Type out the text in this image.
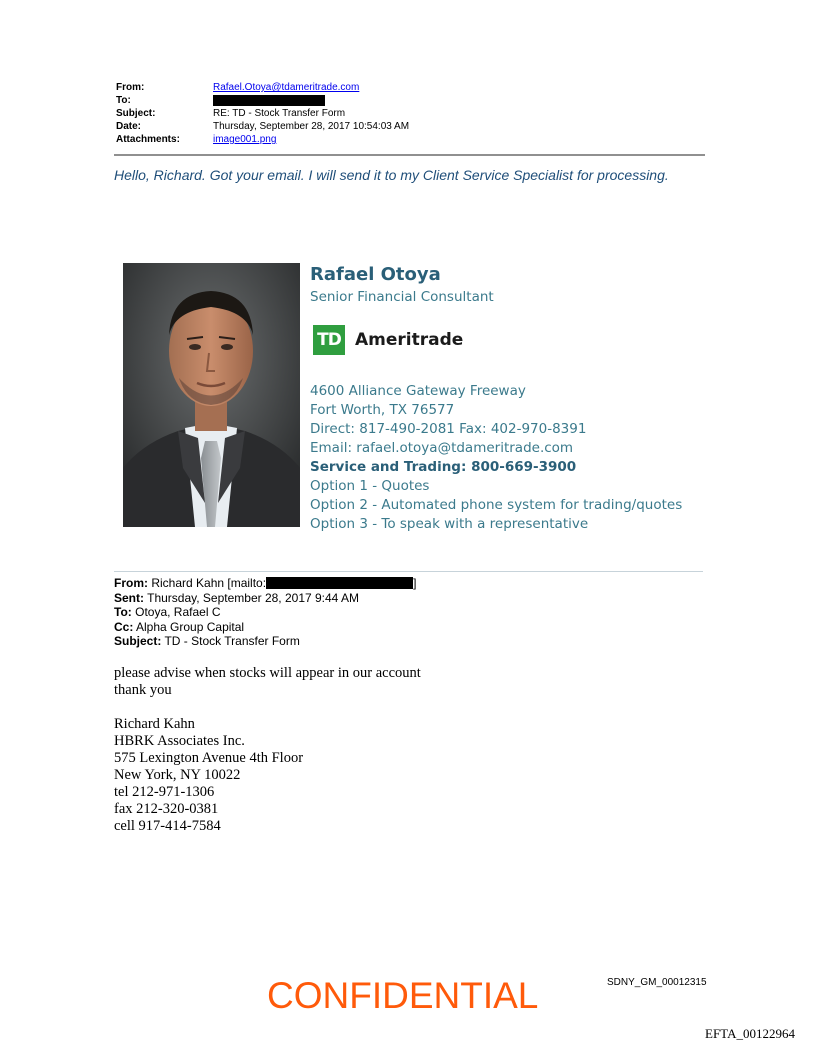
From:	Rafael.Otoya@tdameritrade.com
To:
Subject:	RE: TD - Stock Transfer Form
Date:	Thursday, September 28, 2017 10:54:03 AM
Attachments:	image001.png
Hello, Richard. Got your email. I will send it to my Client Service Specialist for processing.
Rafael Otoya
Senior Financial Consultant
TD Ameritrade
4600 Alliance Gateway Freeway
Fort Worth, TX 76577
Direct: 817-490-2081 Fax: 402-970-8391
Email: rafael.otoya@tdameritrade.com
Service and Trading: 800-669-3900
Option 1 - Quotes
Option 2 - Automated phone system for trading/quotes
Option 3 - To speak with a representative
From: Richard Kahn [mailto:	]
Sent: Thursday, September 28, 2017 9:44 AM
To: Otoya, Rafael C
Cc: Alpha Group Capital
Subject: TD - Stock Transfer Form

please advise when stocks will appear in our account

thank you

Richard Kahn

HBRK Associates Inc.

575 Lexington Avenue 4th Floor

New York, NY 10022

tel 212-971-1306

fax 212-320-0381

cell 917-414-7584

CONFIDENTIAL	SDNY_GM_00012315
EFTA_00122964
